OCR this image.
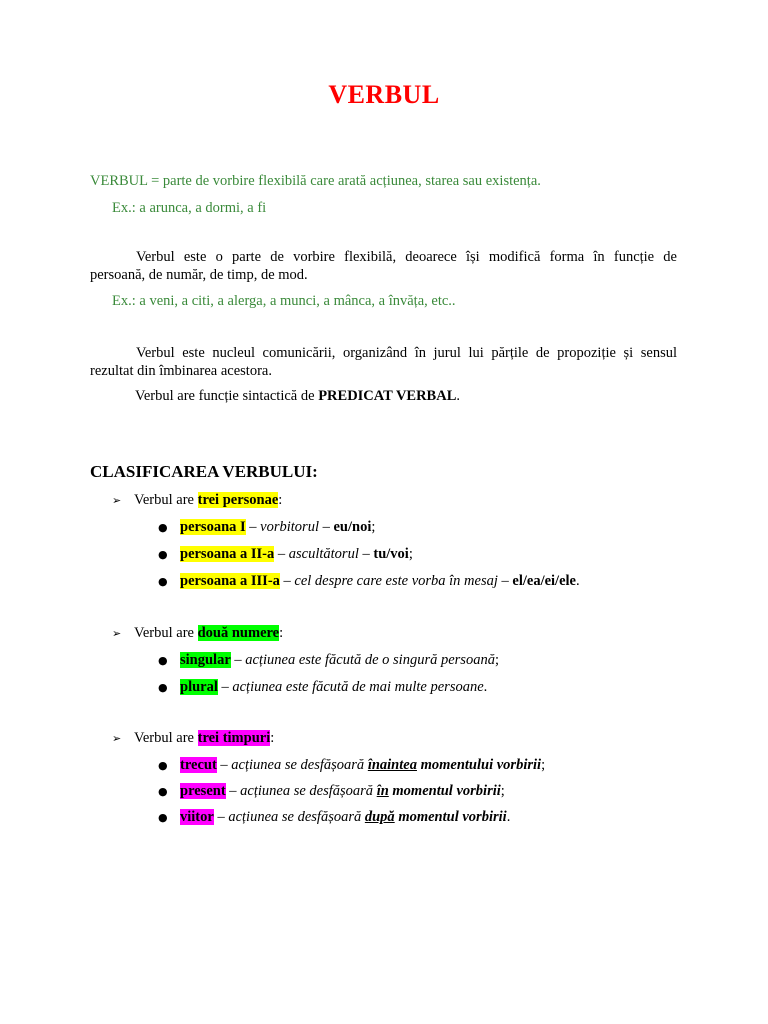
VERBUL
VERBUL = parte de vorbire flexibilă care arată acțiunea, starea sau existența.
Ex.: a arunca, a dormi, a fi
Verbul este o parte de vorbire flexibilă, deoarece își modifică forma în funcție de
persoană, de număr, de timp, de mod.
Ex.: a veni, a citi, a alerga, a munci, a mânca, a învăța, etc..
Verbul este nucleul comunicării, organizând în jurul lui părțile de propoziție și sensul
rezultat din îmbinarea acestora.
Verbul are funcție sintactică de PREDICAT VERBAL.
CLASIFICAREA VERBULUI:
➢ Verbul are trei personae:
● persoana I – vorbitorul – eu/noi;
● persoana a II-a – ascultătorul – tu/voi;
● persoana a III-a – cel despre care este vorba în mesaj – el/ea/ei/ele.
➢ Verbul are două numere:
● singular – acțiunea este făcută de o singură persoană;
● plural – acțiunea este făcută de mai multe persoane.
➢ Verbul are trei timpuri:
● trecut – acțiunea se desfășoară înaintea momentului vorbirii;
● present – acțiunea se desfășoară în momentul vorbirii;
● viitor – acțiunea se desfășoară după momentul vorbirii.
